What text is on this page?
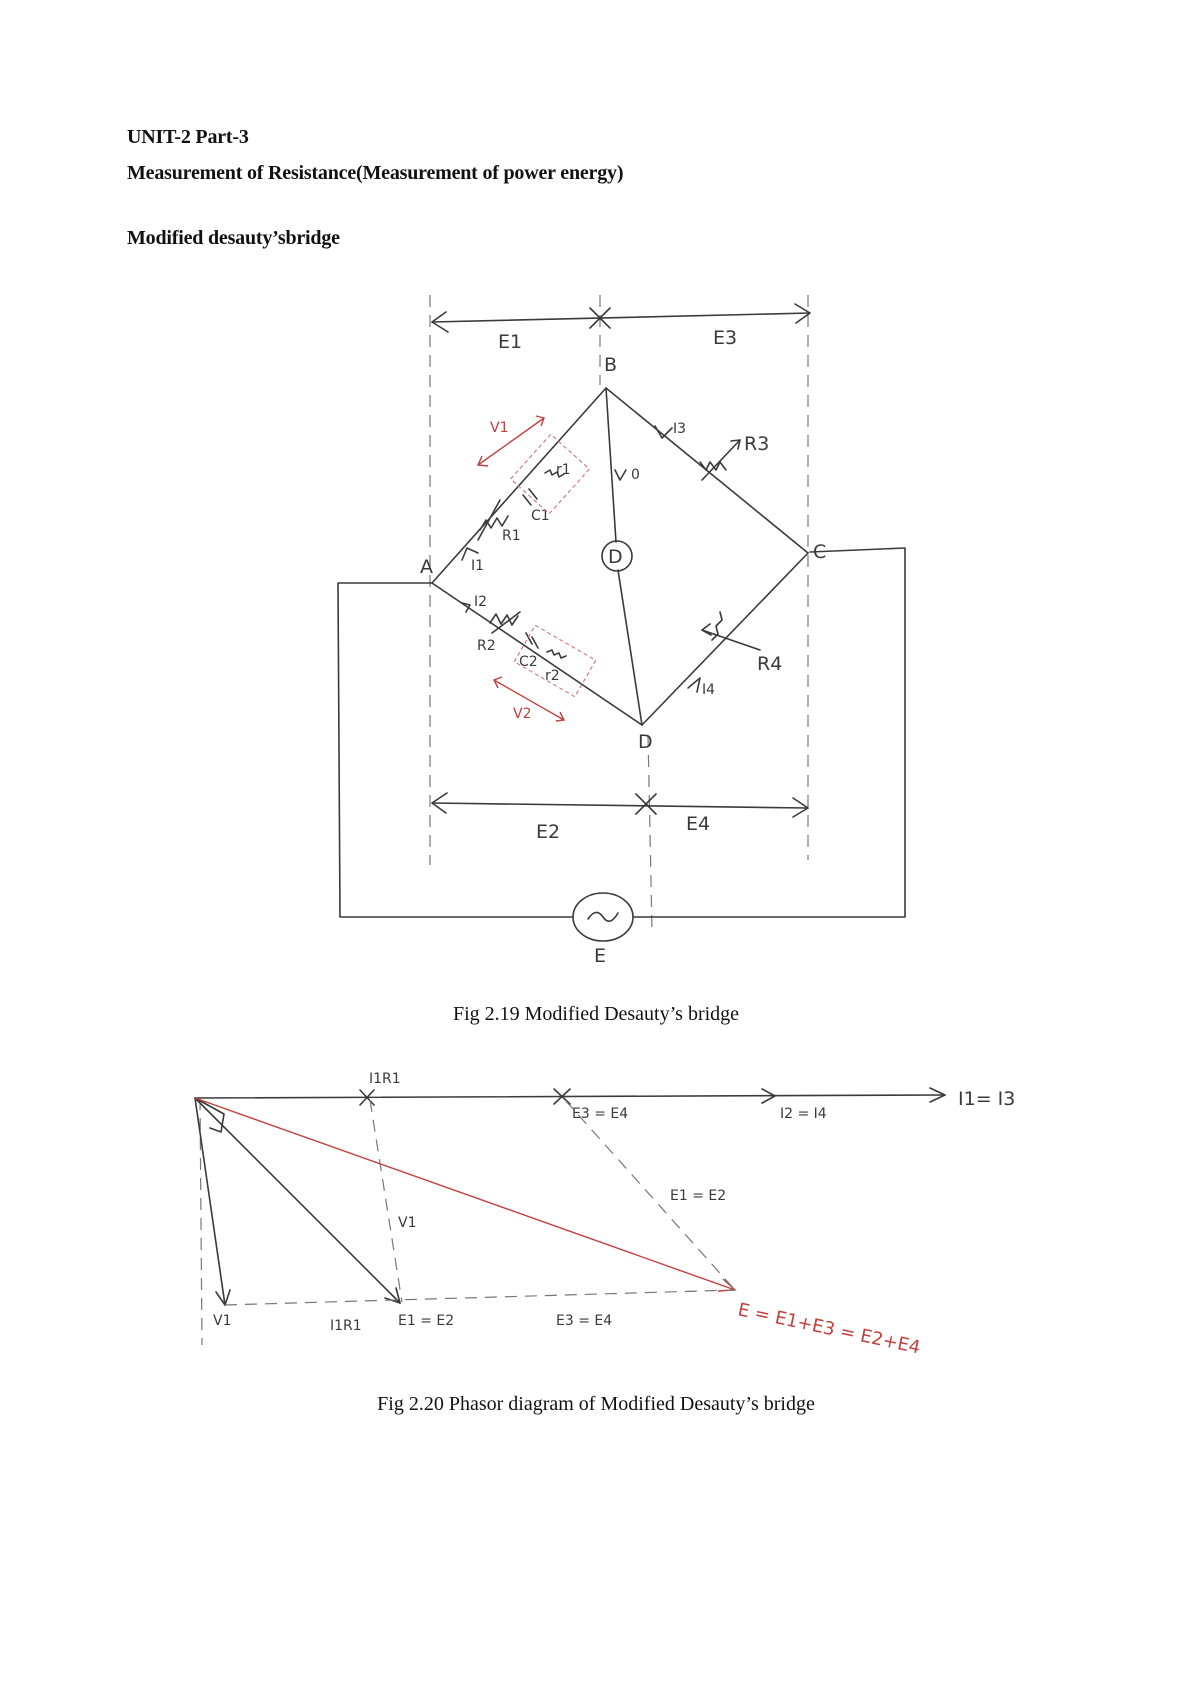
UNIT-2 Part-3
Measurement of Resistance(Measurement of power energy)
Modified desauty’sbridge
E1	E3
E2	E4
D
E
B
A
C
D
I3
0
I1
I2
I4
R1
C1
r1
V1
R2
C2
r2
V2
R3
R4
I1R1
E3 = E4	I2 = I4
I1= I3
E1 = E2
V1
V1	I1R1	E1 = E2	E3 = E4	E = E1+E3 = E2+E4
Fig 2.19 Modified Desauty’s bridge
Fig 2.20 Phasor diagram of Modified Desauty’s bridge
